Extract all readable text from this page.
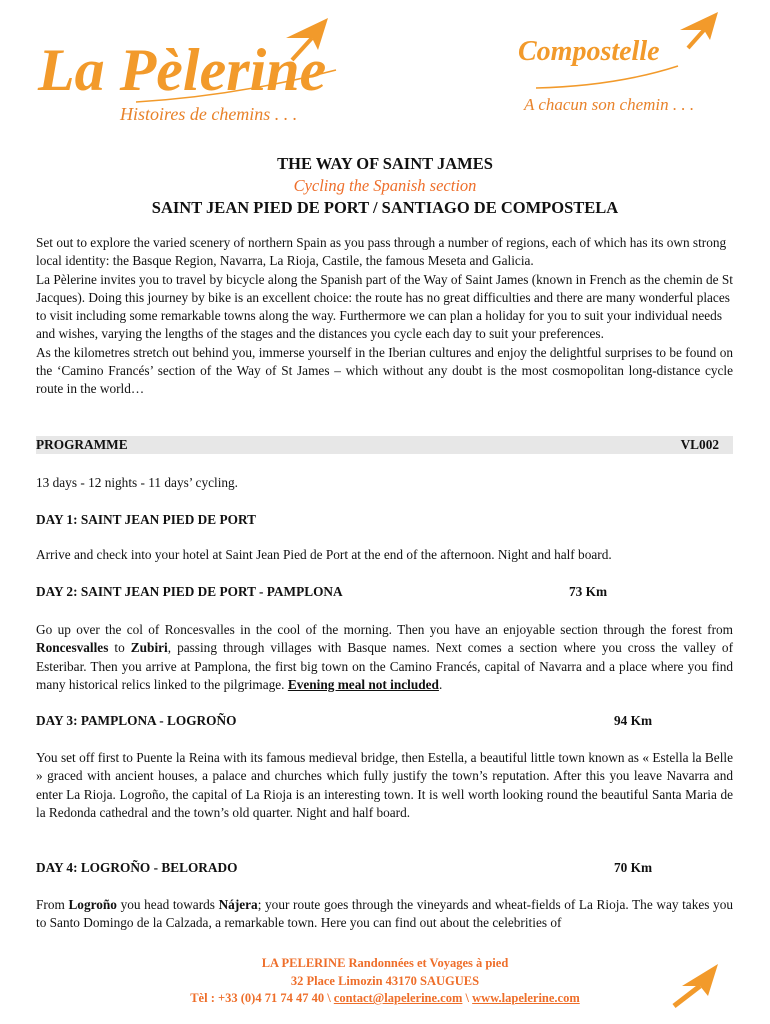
La Pèlerine
Histoires de chemins . . .
Compostelle
A chacun son chemin . . .
THE WAY OF SAINT JAMES
Cycling the Spanish section
SAINT JEAN PIED DE PORT / SANTIAGO DE COMPOSTELA

Set out to explore the varied scenery of northern Spain as you pass through a number of regions, each of which has its own strong local identity: the Basque Region, Navarra, La Rioja, Castile, the famous Meseta and Galicia.

La Pèlerine invites you to travel by bicycle along the Spanish part of the Way of Saint James (known in French as the chemin de St Jacques). Doing this journey by bike is an excellent choice: the route has no great difficulties and there are many wonderful places to visit including some remarkable towns along the way. Furthermore we can plan a holiday for you to suit your individual needs and wishes, varying the lengths of the stages and the distances you cycle each day to suit your preferences.

As the kilometres stretch out behind you, immerse yourself in the Iberian cultures and enjoy the delightful surprises to be found on the ‘Camino Francés’ section of the Way of St James – which without any doubt is the most cosmopolitan long-distance cycle route in the world…

PROGRAMME	VL002
13 days - 12 nights - 11 days’ cycling.
DAY 1: SAINT JEAN PIED DE PORT
Arrive and check into your hotel at Saint Jean Pied de Port at the end of the afternoon. Night and half board.
DAY 2: SAINT JEAN PIED DE PORT - PAMPLONA	73 Km
Go up over the col of Roncesvalles in the cool of the morning. Then you have an enjoyable section through the forest from Roncesvalles to Zubiri, passing through villages with Basque names. Next comes a section where you cross the valley of Esteribar. Then you arrive at Pamplona, the first big town on the Camino Francés, capital of Navarra and a place where you find many historical relics linked to the pilgrimage. Evening meal not included.
DAY 3: PAMPLONA - LOGROÑO	94 Km
You set off first to Puente la Reina with its famous medieval bridge, then Estella, a beautiful little town known as « Estella la Belle » graced with ancient houses, a palace and churches which fully justify the town’s reputation. After this you leave Navarra and enter La Rioja. Logroño, the capital of La Rioja is an interesting town. It is well worth looking round the beautiful Santa Maria de la Redonda cathedral and the town’s old quarter. Night and half board.
DAY 4: LOGROÑO - BELORADO	70 Km
From Logroño you head towards Nájera; your route goes through the vineyards and wheat-fields of La Rioja. The way takes you to Santo Domingo de la Calzada, a remarkable town. Here you can find out about the celebrities of
LA PELERINE Randonnées et Voyages à pied
32 Place Limozin 43170 SAUGUES
Tèl : +33 (0)4 71 74 47 40 \ contact@lapelerine.com \ www.lapelerine.com
